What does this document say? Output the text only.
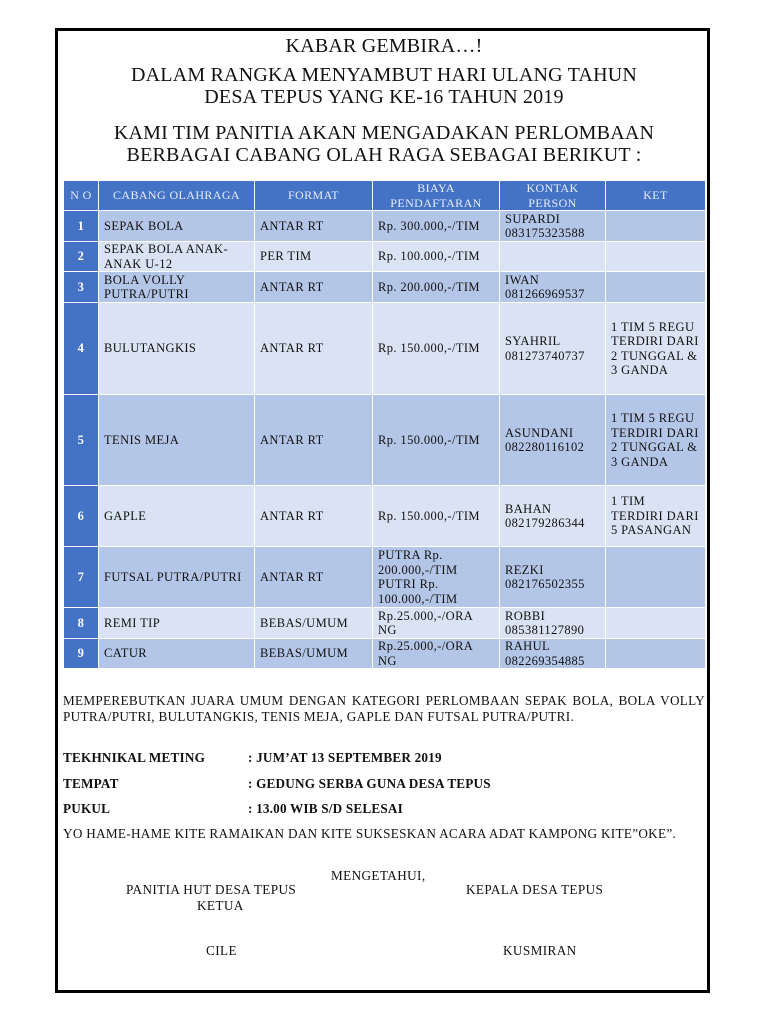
KABAR GEMBIRA…!
DALAM RANGKA MENYAMBUT HARI ULANG TAHUN
DESA TEPUS YANG KE-16 TAHUN 2019
KAMI TIM PANITIA AKAN MENGADAKAN PERLOMBAAN
BERBAGAI CABANG OLAH RAGA SEBAGAI BERIKUT :
N O	CABANG OLAHRAGA	FORMAT	BIAYA PENDAFTARAN	KONTAK PERSON	KET
1	SEPAK BOLA	ANTAR RT	Rp. 300.000,-/TIM	SUPARDI 083175323588	
2	SEPAK BOLA ANAK-ANAK U-12	PER TIM	Rp. 100.000,-/TIM		
3	BOLA VOLLY PUTRA/PUTRI	ANTAR RT	Rp. 200.000,-/TIM	IWAN 081266969537	
4	BULUTANGKIS	ANTAR RT	Rp. 150.000,-/TIM	SYAHRIL 081273740737	1 TIM 5 REGU TERDIRI DARI 2 TUNGGAL & 3 GANDA
5	TENIS MEJA	ANTAR RT	Rp. 150.000,-/TIM	ASUNDANI 082280116102	1 TIM 5 REGU TERDIRI DARI 2 TUNGGAL & 3 GANDA
6	GAPLE	ANTAR RT	Rp. 150.000,-/TIM	BAHAN 082179286344	1 TIM TERDIRI DARI 5 PASANGAN
7	FUTSAL PUTRA/PUTRI	ANTAR RT	PUTRA Rp. 200.000,-/TIM PUTRI Rp. 100.000,-/TIM	REZKI 082176502355	
8	REMI TIP	BEBAS/UMUM	Rp.25.000,-/ORA NG	ROBBI 085381127890	
9	CATUR	BEBAS/UMUM	Rp.25.000,-/ORA NG	RAHUL 082269354885	
MEMPEREBUTKAN JUARA UMUM DENGAN KATEGORI PERLOMBAAN SEPAK BOLA, BOLA VOLLY PUTRA/PUTRI, BULUTANGKIS, TENIS MEJA, GAPLE DAN FUTSAL PUTRA/PUTRI.
TEKHNIKAL METING	: JUM’AT 13 SEPTEMBER 2019
TEMPAT	: GEDUNG SERBA GUNA DESA TEPUS
PUKUL	: 13.00 WIB S/D SELESAI
YO HAME-HAME KITE RAMAIKAN DAN KITE SUKSESKAN ACARA ADAT KAMPONG KITE”OKE”.
MENGETAHUI,
PANITIA HUT DESA TEPUS
KETUA
KEPALA DESA TEPUS
CILE	KUSMIRAN
